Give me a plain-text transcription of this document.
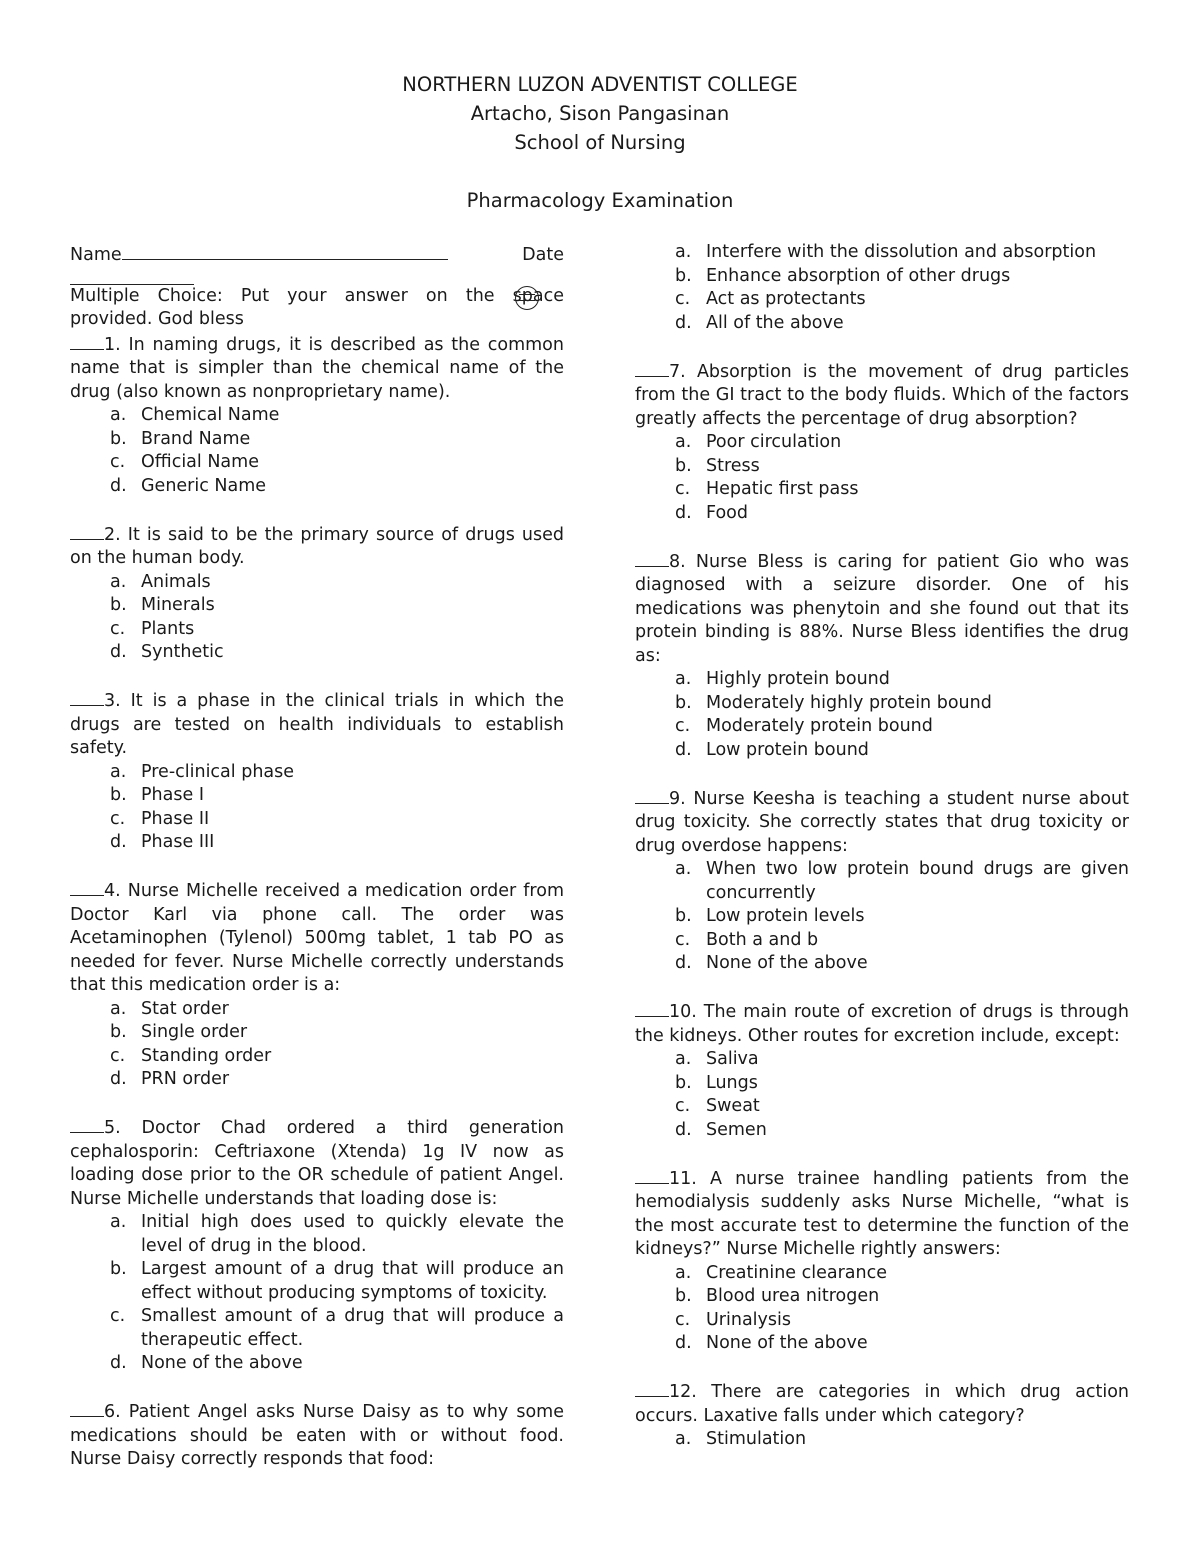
NORTHERN LUZON ADVENTIST COLLEGE
Artacho, Sison Pangasinan
School of Nursing
Pharmacology Examination
Name	Date
Multiple Choice: Put your answer on the space provided. God bless
1. In naming drugs, it is described as the common name that is simpler than the chemical name of the drug (also known as nonproprietary name).
a. Chemical Name
b. Brand Name
c. Official Name
d. Generic Name
2. It is said to be the primary source of drugs used on the human body.
a. Animals
b. Minerals
c. Plants
d. Synthetic
3. It is a phase in the clinical trials in which the drugs are tested on health individuals to establish safety.
a. Pre-clinical phase
b. Phase I
c. Phase II
d. Phase III
4. Nurse Michelle received a medication order from Doctor Karl via phone call. The order was Acetaminophen (Tylenol) 500mg tablet, 1 tab PO as needed for fever. Nurse Michelle correctly understands that this medication order is a:
a. Stat order
b. Single order
c. Standing order
d. PRN order
5. Doctor Chad ordered a third generation cephalosporin: Ceftriaxone (Xtenda) 1g IV now as loading dose prior to the OR schedule of patient Angel. Nurse Michelle understands that loading dose is:
a. Initial high does used to quickly elevate the level of drug in the blood.
b. Largest amount of a drug that will produce an effect without producing symptoms of toxicity.
c. Smallest amount of a drug that will produce a therapeutic effect.
d. None of the above
6. Patient Angel asks Nurse Daisy as to why some medications should be eaten with or without food. Nurse Daisy correctly responds that food:
a. Interfere with the dissolution and absorption
b. Enhance absorption of other drugs
c. Act as protectants
d. All of the above
7. Absorption is the movement of drug particles from the GI tract to the body fluids. Which of the factors greatly affects the percentage of drug absorption?
a. Poor circulation
b. Stress
c. Hepatic first pass
d. Food
8. Nurse Bless is caring for patient Gio who was diagnosed with a seizure disorder. One of his medications was phenytoin and she found out that its protein binding is 88%. Nurse Bless identifies the drug as:
a. Highly protein bound
b. Moderately highly protein bound
c. Moderately protein bound
d. Low protein bound
9. Nurse Keesha is teaching a student nurse about drug toxicity. She correctly states that drug toxicity or drug overdose happens:
a. When two low protein bound drugs are given concurrently
b. Low protein levels
c. Both a and b
d. None of the above
10. The main route of excretion of drugs is through the kidneys. Other routes for excretion include, except:
a. Saliva
b. Lungs
c. Sweat
d. Semen
11. A nurse trainee handling patients from the hemodialysis suddenly asks Nurse Michelle, “what is the most accurate test to determine the function of the kidneys?” Nurse Michelle rightly answers:
a. Creatinine clearance
b. Blood urea nitrogen
c. Urinalysis
d. None of the above
12. There are categories in which drug action occurs. Laxative falls under which category?
a. Stimulation
